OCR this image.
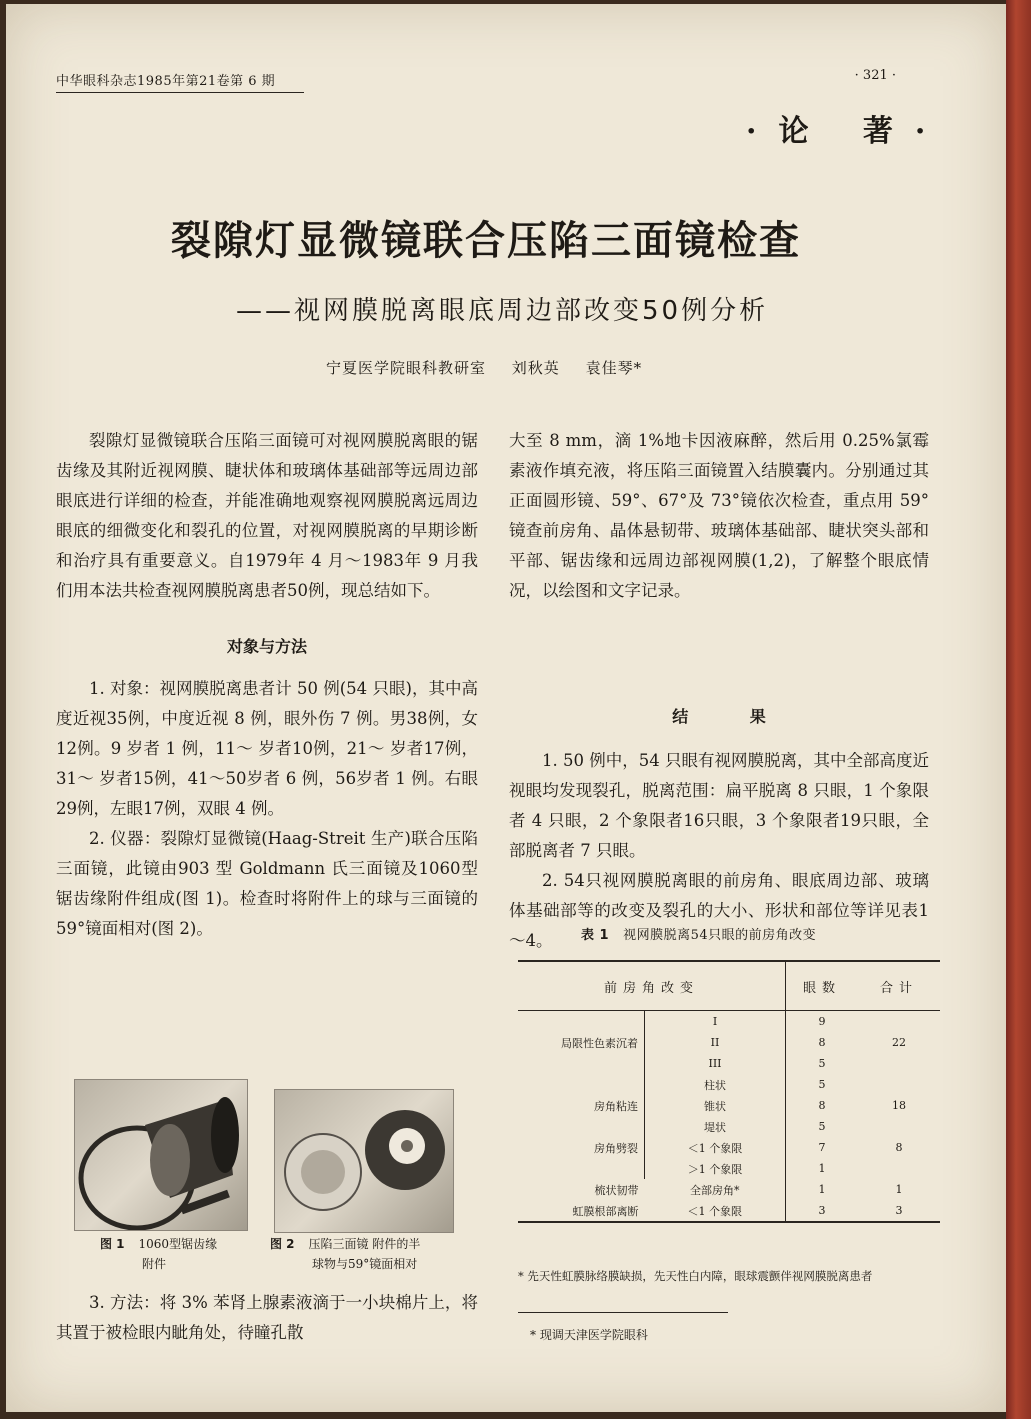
中华眼科杂志1985年第21卷第 6 期	· 321 ·
·论 著·
裂隙灯显微镜联合压陷三面镜检查
——视网膜脱离眼底周边部改变50例分析
宁夏医学院眼科教研室 刘秋英 袁佳琴*

裂隙灯显微镜联合压陷三面镜可对视网膜脱离眼的锯齿缘及其附近视网膜、睫状体和玻璃体基础部等远周边部眼底进行详细的检查，并能准确地观察视网膜脱离远周边眼底的细微变化和裂孔的位置，对视网膜脱离的早期诊断和治疗具有重要意义。自1979年 4 月～1983年 9 月我们用本法共检查视网膜脱离患者50例，现总结如下。

对象与方法

1. 对象：视网膜脱离患者计 50 例(54 只眼)，其中高度近视35例，中度近视 8 例，眼外伤 7 例。男38例，女12例。9 岁者 1 例，11～ 岁者10例，21～ 岁者17例，31～ 岁者15例，41～50岁者 6 例，56岁者 1 例。右眼29例，左眼17例，双眼 4 例。

2. 仪器：裂隙灯显微镜(Haag-Streit 生产)联合压陷三面镜，此镜由903 型 Goldmann 氏三面镜及1060型锯齿缘附件组成(图 1)。检查时将附件上的球与三面镜的59°镜面相对(图 2)。

图 1 1060型锯齿缘
附件
图 2 压陷三面镜 附件的半
球物与59°镜面相对

3. 方法：将 3% 苯肾上腺素液滴于一小块棉片上，将其置于被检眼内眦角处，待瞳孔散

大至 8 mm，滴 1%地卡因液麻醉，然后用 0.25%氯霉素液作填充液，将压陷三面镜置入结膜囊内。分别通过其正面圆形镜、59°、67°及 73°镜依次检查，重点用 59°镜查前房角、晶体悬韧带、玻璃体基础部、睫状突头部和平部、锯齿缘和远周边部视网膜(1,2)，了解整个眼底情况，以绘图和文字记录。

结 果

1. 50 例中，54 只眼有视网膜脱离，其中全部高度近视眼均发现裂孔，脱离范围：扁平脱离 8 只眼，1 个象限者 4 只眼，2 个象限者16只眼，3 个象限者19只眼，全部脱离者 7 只眼。

2. 54只视网膜脱离眼的前房角、眼底周边部、玻璃体基础部等的改变及裂孔的大小、形状和部位等详见表1～4。	表 1 视网膜脱离54只眼的前房角改变
前房角改变		眼数	合计
	I	9	
局限性色素沉着	II	8	22
	III	5	
	柱状	5	
房角粘连	锥状	8	18
	堤状	5	
房角劈裂	＜1 个象限	7	8
	＞1 个象限	1	
梳状韧带	全部房角*	1	1
虹膜根部离断	＜1 个象限	3	3
* 先天性虹膜脉络膜缺损，先天性白内障，眼球震颤伴视网膜脱离患者
* 现调天津医学院眼科
